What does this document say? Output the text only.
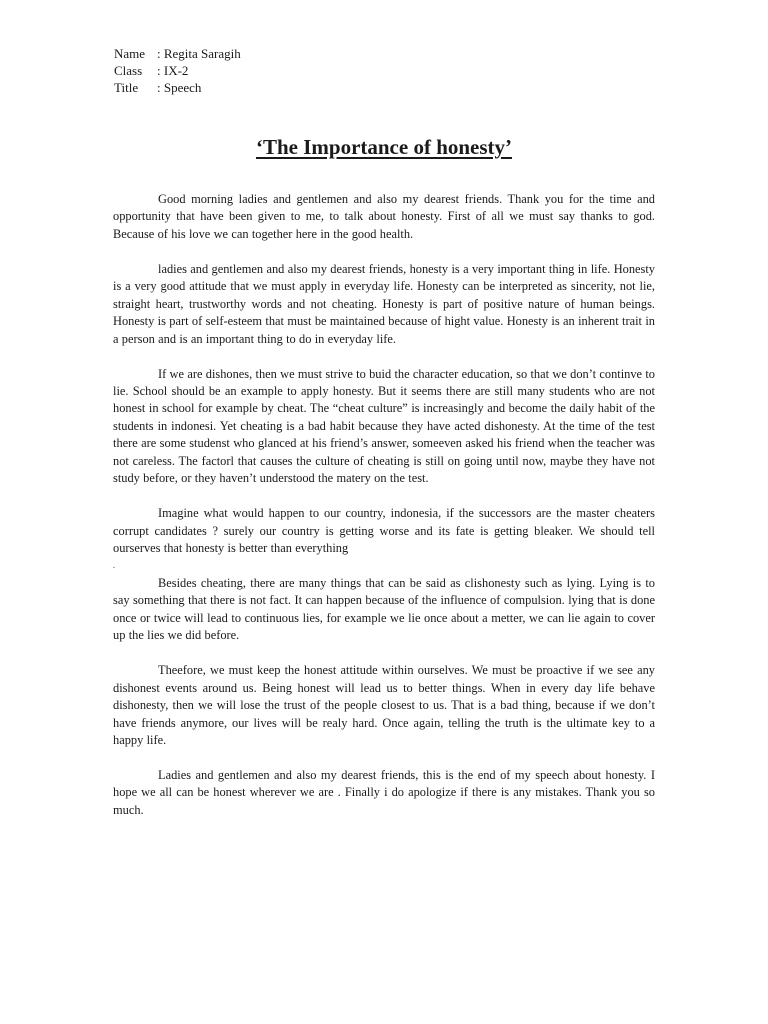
Name : Regita Saragih
Class	: IX-2
Title	: Speech
‘The Importance of honesty’

Good morning ladies and gentlemen and also my dearest friends. Thank you for the time and opportunity that have been given to me, to talk about honesty. First of all we must say thanks to god. Because of his love we can together here in the good health.

ladies and gentlemen and also my dearest friends, honesty is a very important thing in life. Honesty is a very good attitude that we must apply in everyday life. Honesty can be interpreted as sincerity, not lie, straight heart, trustworthy words and not cheating. Honesty is part of positive nature of human beings. Honesty is part of self-esteem that must be maintained because of hight value. Honesty is an inherent trait in a person and is an important thing to do in everyday life.

If we are dishones, then we must strive to buid the character education, so that we don’t continve to lie. School should be an example to apply honesty. But it seems there are still many students who are not honest in school for example by cheat. The “cheat culture” is increasingly and become the daily habit of the students in indonesi. Yet cheating is a bad habit because they have acted dishonesty. At the time of the test there are some studenst who glanced at his friend’s answer, someeven asked his friend when the teacher was not careless. The factorl that causes the culture of cheating is still on going until now, maybe they have not study before, or they haven’t understood the matery on the test.

Imagine what would happen to our country, indonesia, if the successors are the master cheaters corrupt candidates ? surely our country is getting worse and its fate is getting bleaker. We should tell ourserves that honesty is better than everything

.

Besides cheating, there are many things that can be said as clishonesty such as lying. Lying is to say something that there is not fact. It can happen because of the influence of compulsion. lying that is done once or twice will lead to continuous lies, for example we lie once about a metter, we can lie again to cover up the lies we did before.

Theefore, we must keep the honest attitude within ourselves. We must be proactive if we see any dishonest events around us. Being honest will lead us to better things. When in every day life behave dishonesty, then we will lose the trust of the people closest to us. That is a bad thing, because if we don’t have friends anymore, our lives will be realy hard. Once again, telling the truth is the ultimate key to a happy life.

Ladies and gentlemen and also my dearest friends, this is the end of my speech about honesty. I hope we all can be honest wherever we are . Finally i do apologize if there is any mistakes. Thank you so much.
